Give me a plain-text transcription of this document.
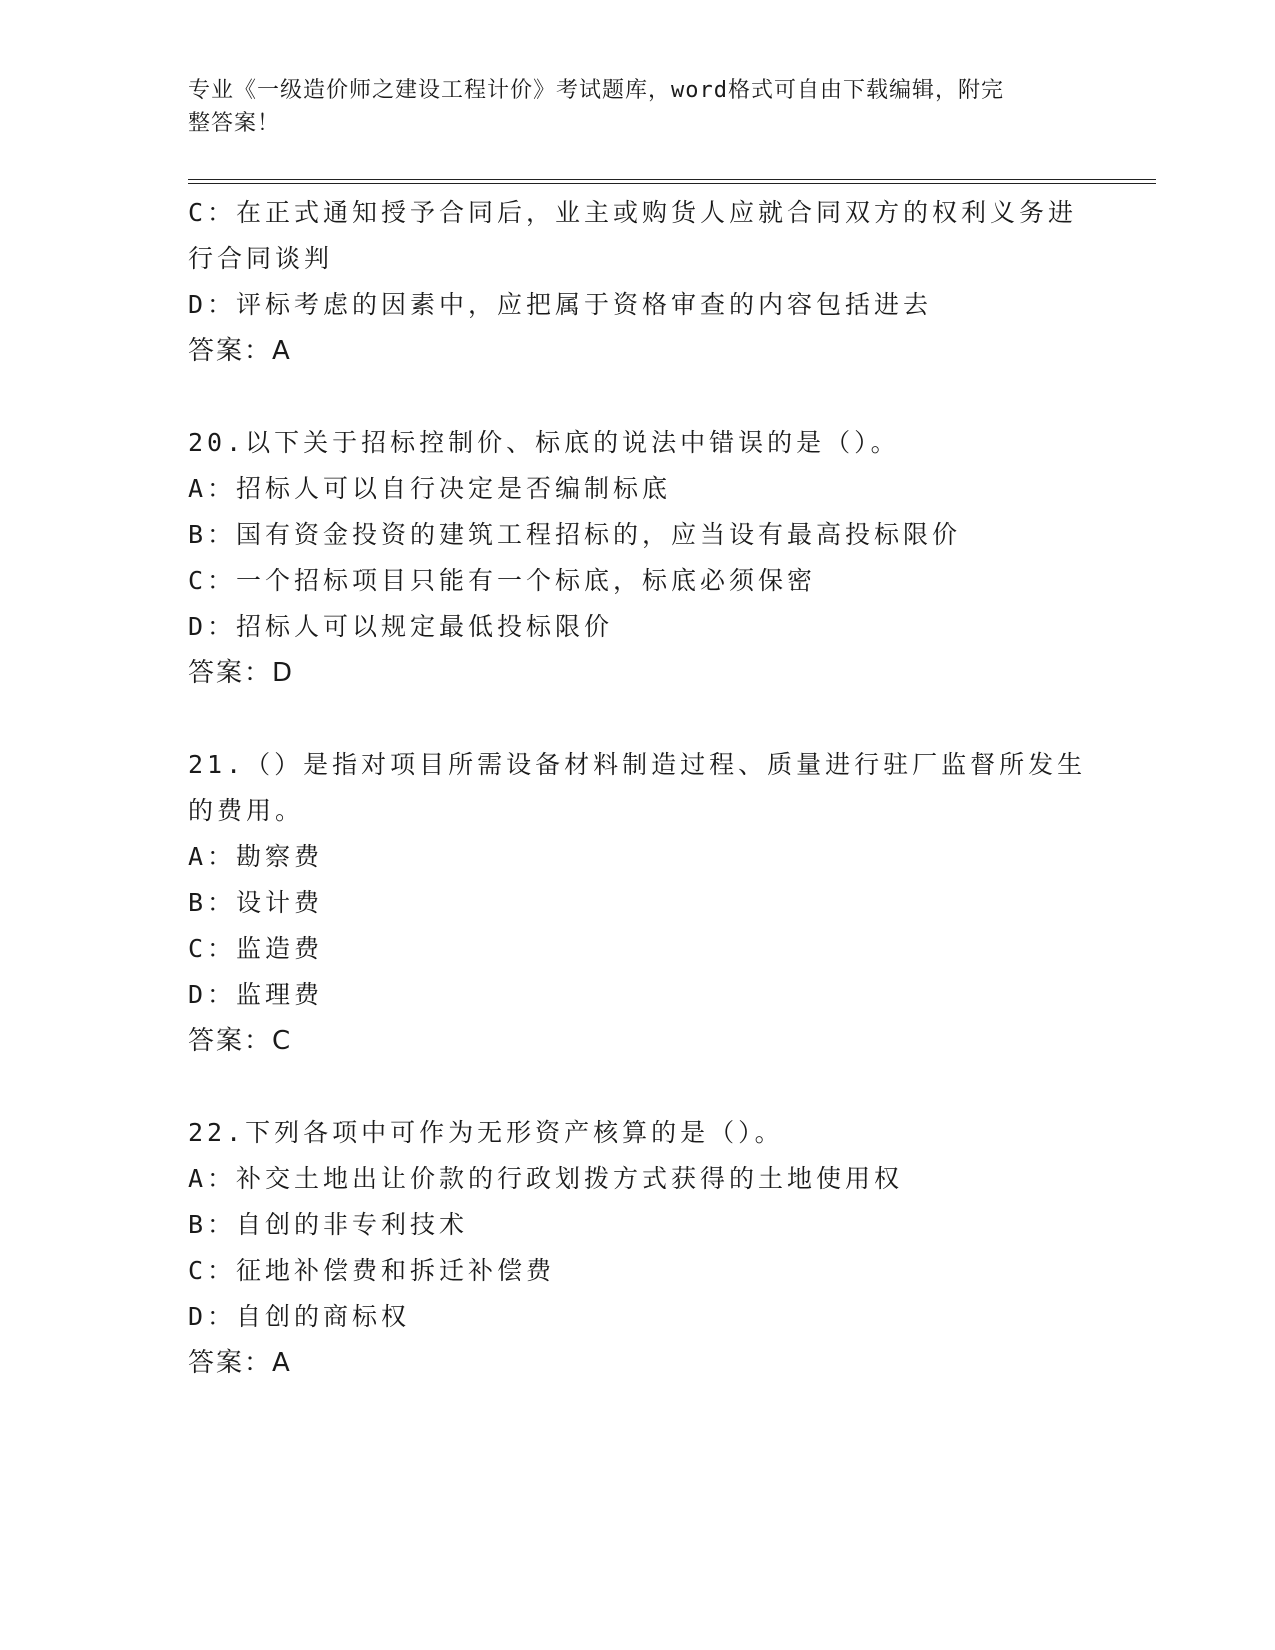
专业《一级造价师之建设工程计价》考试题库，word格式可自由下载编辑，附完
整答案！
C：在正式通知授予合同后，业主或购货人应就合同双方的权利义务进
行合同谈判
D：评标考虑的因素中，应把属于资格审查的内容包括进去
答案：A
20.以下关于招标控制价、标底的说法中错误的是（）。
A：招标人可以自行决定是否编制标底
B：国有资金投资的建筑工程招标的，应当设有最高投标限价
C：一个招标项目只能有一个标底，标底必须保密
D：招标人可以规定最低投标限价
答案：D
21.（）是指对项目所需设备材料制造过程、质量进行驻厂监督所发生
的费用。
A：勘察费
B：设计费
C：监造费
D：监理费
答案：C
22.下列各项中可作为无形资产核算的是（）。
A：补交土地出让价款的行政划拨方式获得的土地使用权
B：自创的非专利技术
C：征地补偿费和拆迁补偿费
D：自创的商标权
答案：A
